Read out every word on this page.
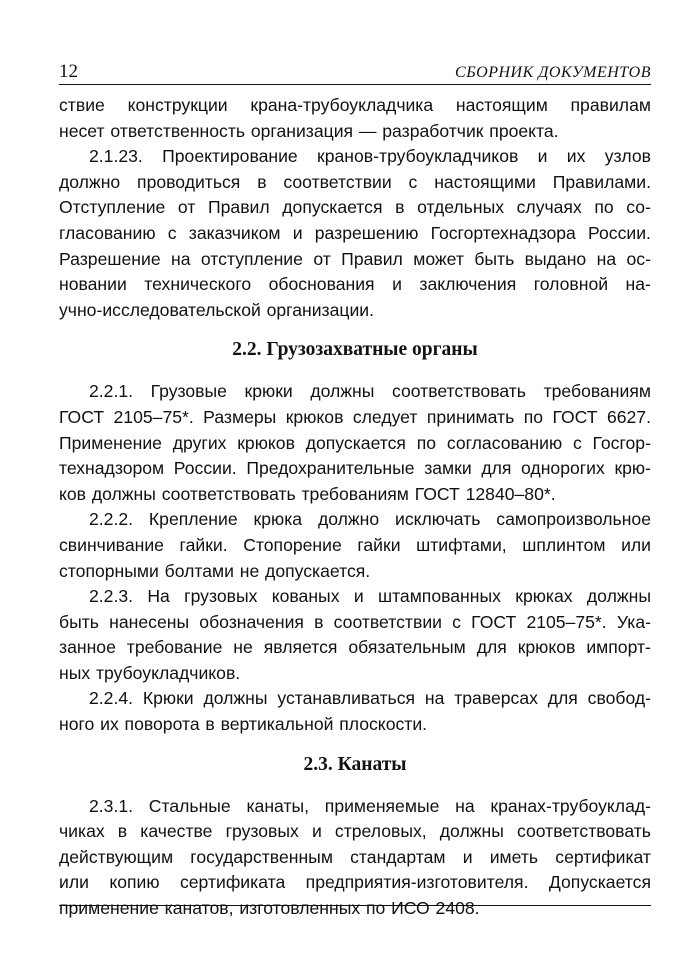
12	СБОРНИК ДОКУМЕНТОВ
ствие конструкции крана-трубоукладчика настоящим правилам
несет ответственность организация — разработчик проекта.
2.1.23. Проектирование кранов-трубоукладчиков и их узлов
должно проводиться в соответствии с настоящими Правилами.
Отступление от Правил допускается в отдельных случаях по со-
гласованию с заказчиком и разрешению Госгортехнадзора России.
Разрешение на отступление от Правил может быть выдано на ос-
новании технического обоснования и заключения головной на-
учно-исследовательской организации.
2.2. Грузозахватные органы
2.2.1. Грузовые крюки должны соответствовать требованиям
ГОСТ 2105–75*. Размеры крюков следует принимать по ГОСТ 6627.
Применение других крюков допускается по согласованию с Госгор-
технадзором России. Предохранительные замки для однорогих крю-
ков должны соответствовать требованиям ГОСТ 12840–80*.
2.2.2. Крепление крюка должно исключать самопроизвольное
свинчивание гайки. Стопорение гайки штифтами, шплинтом или
стопорными болтами не допускается.
2.2.3. На грузовых кованых и штампованных крюках должны
быть нанесены обозначения в соответствии с ГОСТ 2105–75*. Ука-
занное требование не является обязательным для крюков импорт-
ных трубоукладчиков.
2.2.4. Крюки должны устанавливаться на траверсах для свобод-
ного их поворота в вертикальной плоскости.
2.3. Канаты
2.3.1. Стальные канаты, применяемые на кранах-трубоуклад-
чиках в качестве грузовых и стреловых, должны соответствовать
действующим государственным стандартам и иметь сертификат
или копию сертификата предприятия-изготовителя. Допускается
применение канатов, изготовленных по ИСО 2408.
